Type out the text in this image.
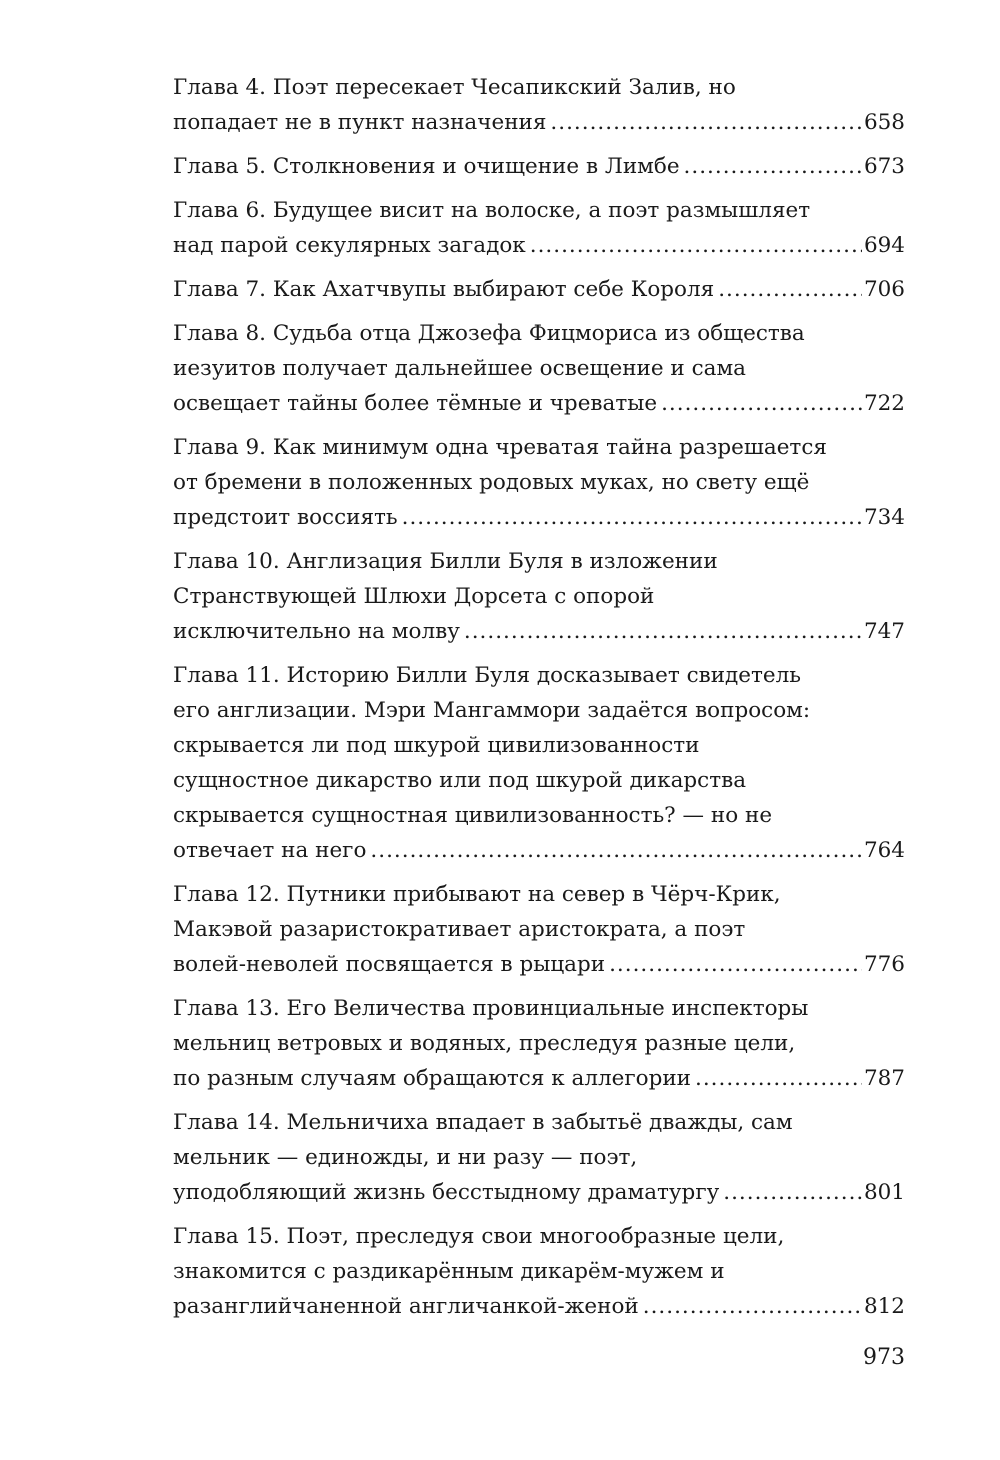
Глава 4. Поэт пересекает Чесапикский Залив, но
попадает не в пункт назначения .....	658
Глава 5. Столкновения и очищение в Лимбе .....	673
Глава 6. Будущее висит на волоске, а поэт размышляет
над парой секулярных загадок .....	694
Глава 7. Как Ахатчвупы выбирают себе Короля .....	706
Глава 8. Судьба отца Джозефа Фицмориса из общества
иезуитов получает дальнейшее освещение и сама
освещает тайны более тёмные и чреватые .....	722
Глава 9. Как минимум одна чреватая тайна разрешается
от бремени в положенных родовых муках, но свету ещё
предстоит воссиять .....	734
Глава 10. Англизация Билли Буля в изложении
Странствующей Шлюхи Дорсета с опорой
исключительно на молву .....	747
Глава 11. Историю Билли Буля досказывает свидетель
его англизации. Мэри Мангаммори задаётся вопросом:
скрывается ли под шкурой цивилизованности
сущностное дикарство или под шкурой дикарства
скрывается сущностная цивилизованность? — но не
отвечает на него .....	764
Глава 12. Путники прибывают на север в Чёрч-Крик,
Макэвой разаристокративает аристократа, а поэт
волей-неволей посвящается в рыцари .....	776
Глава 13. Его Величества провинциальные инспекторы
мельниц ветровых и водяных, преследуя разные цели,
по разным случаям обращаются к аллегории .....	787
Глава 14. Мельничиха впадает в забытьё дважды, сам
мельник — единожды, и ни разу — поэт,
уподобляющий жизнь бесстыдному драматургу .....	801
Глава 15. Поэт, преследуя свои многообразные цели,
знакомится с раздикарённым дикарём-мужем и
разанглийчаненной англичанкой-женой .....	812
973
